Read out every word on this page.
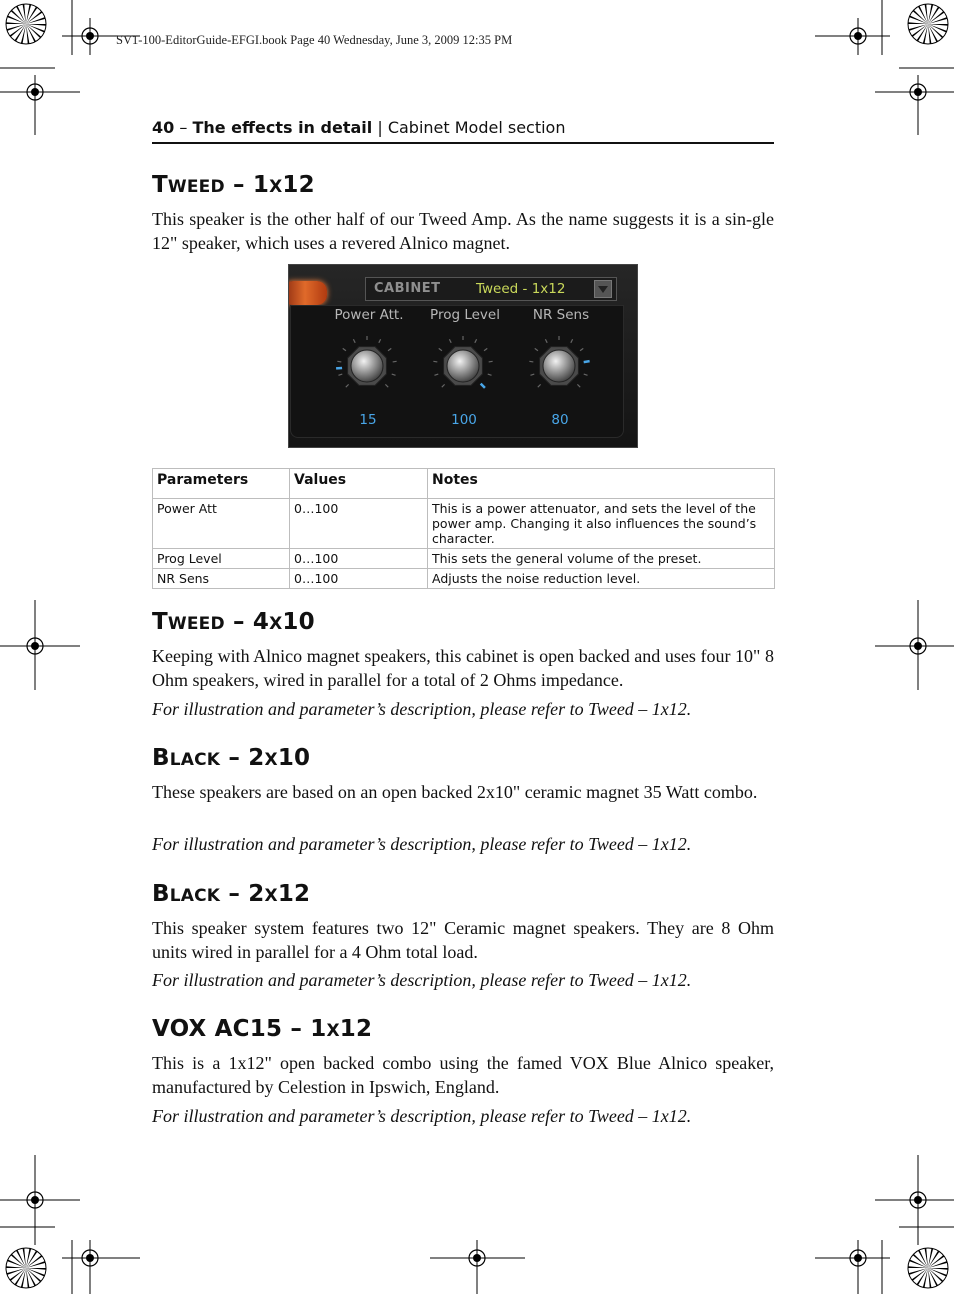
SV1-100-EditorGuide-EFGI.book Page 40 Wednesday, June 3, 2009 12:35 PM
40 – The effects in detail | Cabinet Model section
TWEED – 1X12
This speaker is the other half of our Tweed Amp. As the name suggests it is a sin-gle 12" speaker, which uses a revered Alnico magnet.
CABINET	Tweed - 1x12
Power Att. Prog Level NR Sens
15	100	80
Parameters	Values	Notes
Power Att	0…100	This is a power attenuator, and sets the level of the power amp. Changing it also influences the sound’s character.
Prog Level	0…100	This sets the general volume of the preset.
NR Sens	0…100	Adjusts the noise reduction level.
TWEED – 4X10
Keeping with Alnico magnet speakers, this cabinet is open backed and uses four 10" 8 Ohm speakers, wired in parallel for a total of 2 Ohms impedance.
For illustration and parameter’s description, please refer to Tweed – 1x12.
BLACK – 2X10
These speakers are based on an open backed 2x10" ceramic magnet 35 Watt combo.
For illustration and parameter’s description, please refer to Tweed – 1x12.
BLACK – 2X12
This speaker system features two 12" Ceramic magnet speakers. They are 8 Ohm units wired in parallel for a 4 Ohm total load.
For illustration and parameter’s description, please refer to Tweed – 1x12.
VOX AC15 – 1X12
This is a 1x12" open backed combo using the famed VOX Blue Alnico speaker, manufactured by Celestion in Ipswich, England.
For illustration and parameter’s description, please refer to Tweed – 1x12.
